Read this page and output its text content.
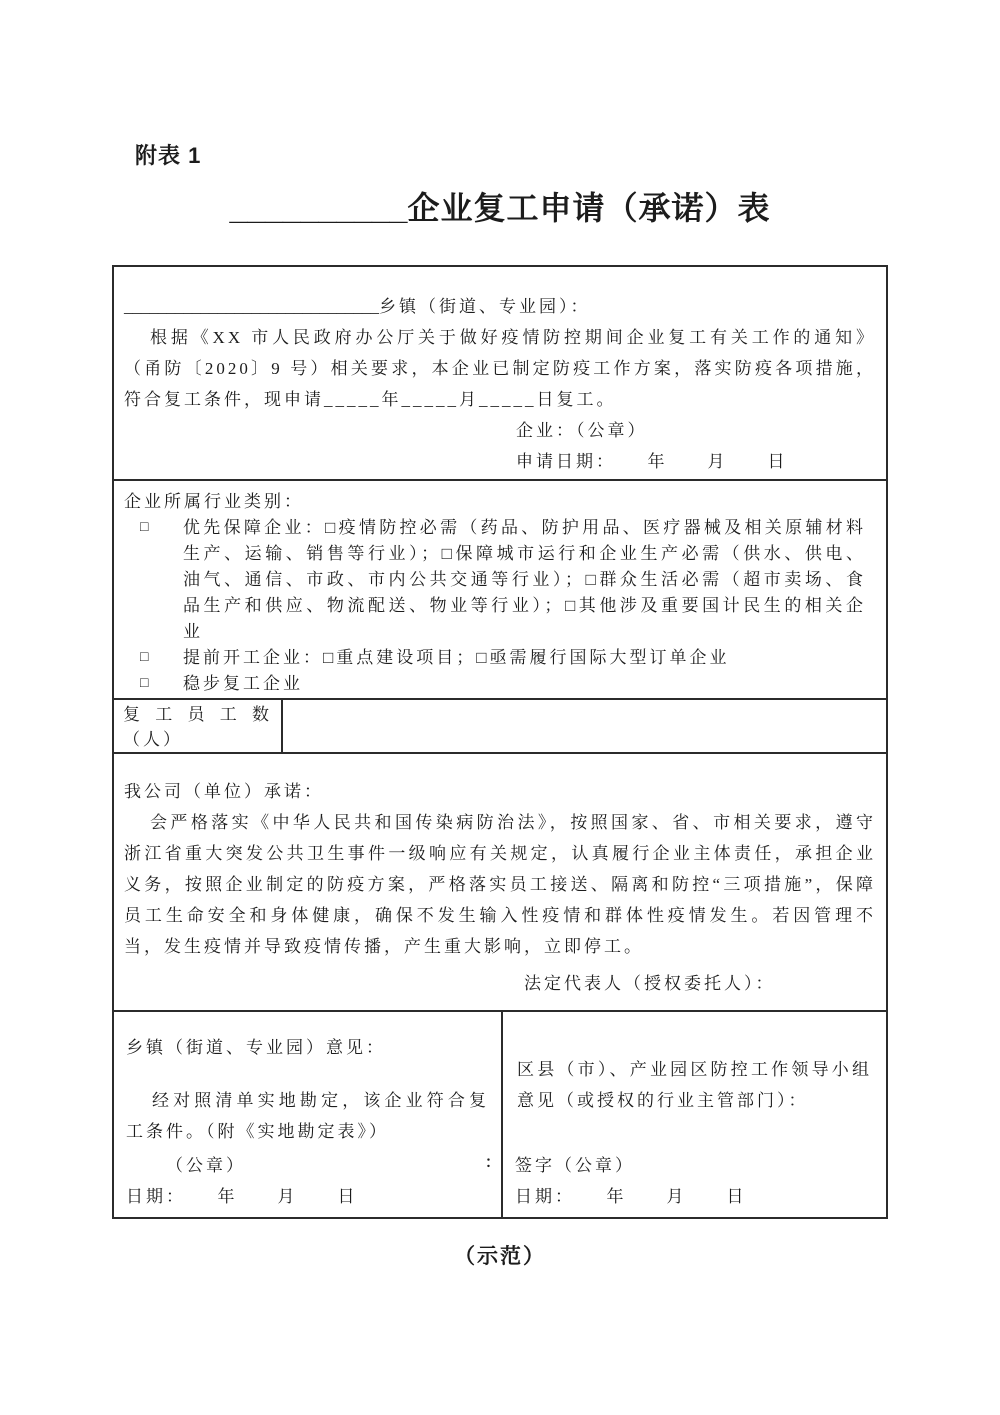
附表 1
__________企业复工申请（承诺）表
______________________________乡镇（街道、专业园）：
根据《XX 市人民政府办公厅关于做好疫情防控期间企业复工有关工作的通知》（甬防〔2020〕9 号）相关要求，本企业已制定防疫工作方案，落实防疫各项措施，符合复工条件，现申请_____年_____月_____日复工。
企业：（公章）
申请日期：　　年　　月　　日
企业所属行业类别：
□ 优先保障企业：□疫情防控必需（药品、防护用品、医疗器械及相关原辅材料生产、运输、销售等行业）；□保障城市运行和企业生产必需（供水、供电、油气、通信、市政、市内公共交通等行业）；□群众生活必需（超市卖场、食品生产和供应、物流配送、物业等行业）；□其他涉及重要国计民生的相关企业
□ 提前开工企业：□重点建设项目；□亟需履行国际大型订单企业
□ 稳步复工企业
复工员工数
（人）
我公司（单位）承诺：
会严格落实《中华人民共和国传染病防治法》，按照国家、省、市相关要求，遵守浙江省重大突发公共卫生事件一级响应有关规定，认真履行企业主体责任，承担企业义务，按照企业制定的防疫方案，严格落实员工接送、隔离和防控“三项措施”，保障员工生命安全和身体健康，确保不发生输入性疫情和群体性疫情发生。若因管理不当，发生疫情并导致疫情传播，产生重大影响，立即停工。
法定代表人（授权委托人）：
乡镇（街道、专业园）意见：
经对照清单实地勘定，该企业符合复工条件。（附《实地勘定表》）
：
（公章）
日期：　　年　　月　　日
区县（市）、产业园区防控工作领导小组意见（或授权的行业主管部门）：
签字（公章）
日期：　　年　　月　　日
（示范）
